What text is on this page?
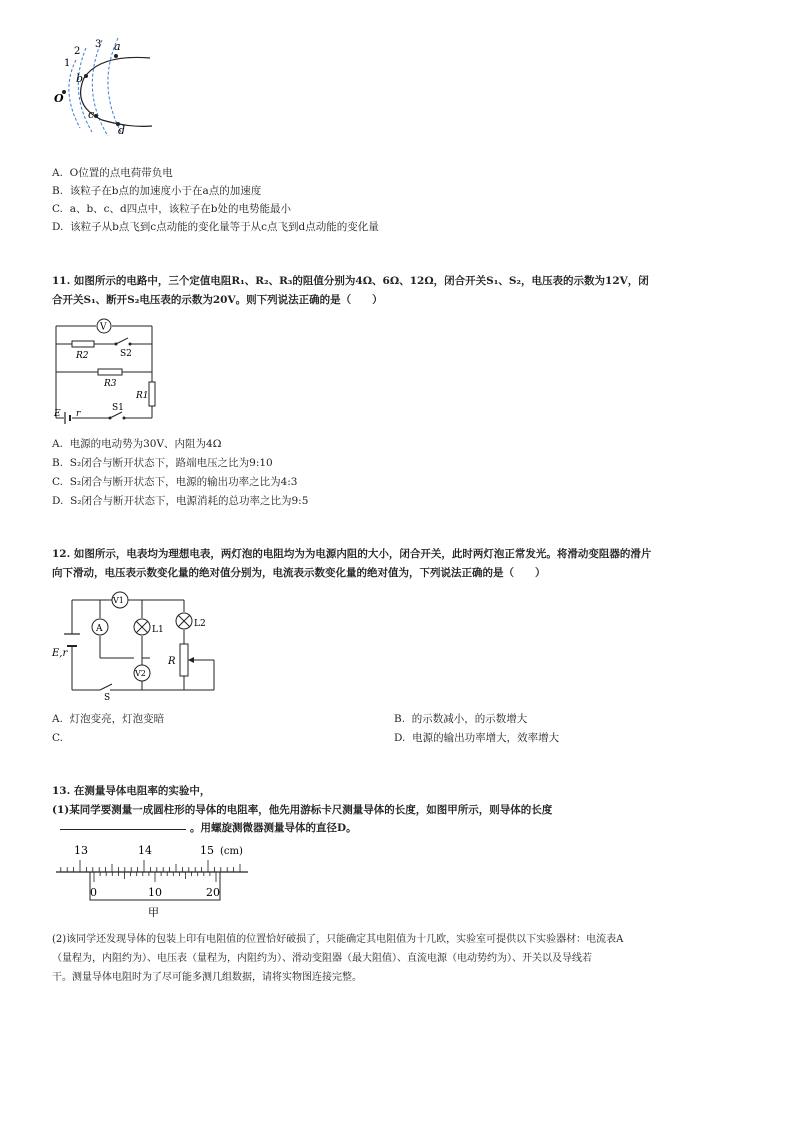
1
2
3 a
b
c
d
O
A. O位置的点电荷带负电
B. 该粒子在b点的加速度小于在a点的加速度
C. a、b、c、d四点中，该粒子在b处的电势能最小
D. 该粒子从b点飞到c点动能的变化量等于从c点飞到d点动能的变化量
11. 如图所示的电路中，三个定值电阻R₁、R₂、R₃的阻值分别为4Ω、6Ω、12Ω，闭合开关S₁、S₂，电压表的示数为12V，闭
合开关S₁、断开S₂电压表的示数为20V。则下列说法正确的是（　　）
V
R2	S2
R3
R1
S1
E r
A. 电源的电动势为30V、内阻为4Ω
B. S₂闭合与断开状态下，路端电压之比为9:10
C. S₂闭合与断开状态下，电源的输出功率之比为4:3
D. S₂闭合与断开状态下，电源消耗的总功率之比为9:5
12. 如图所示，电表均为理想电表，两灯泡的电阻均为为电源内阻的大小，闭合开关，此时两灯泡正常发光。将滑动变阻器的滑片
向下滑动，电压表示数变化量的绝对值分别为，电流表示数变化量的绝对值为，下列说法正确的是（　　）
V1
A	L1
L2
E,r
R
V2
S
A. 灯泡变亮，灯泡变暗	B. 的示数减小，的示数增大
C.	D. 电源的输出功率增大，效率增大
13. 在测量导体电阻率的实验中，
(1)某同学要测量一成圆柱形的导体的电阻率，他先用游标卡尺测量导体的长度，如图甲所示，则导体的长度
。用螺旋测微器测量导体的直径D。
13	14	15 (cm)
0	10	20
甲
(2)该同学还发现导体的包装上印有电阻值的位置恰好破损了，只能确定其电阻值为十几欧，实验室可提供以下实验器材：电流表A
（量程为，内阻约为）、电压表（量程为，内阻约为）、滑动变阻器（最大阻值）、直流电源（电动势约为）、开关以及导线若
干。测量导体电阻时为了尽可能多测几组数据，请将实物图连接完整。
